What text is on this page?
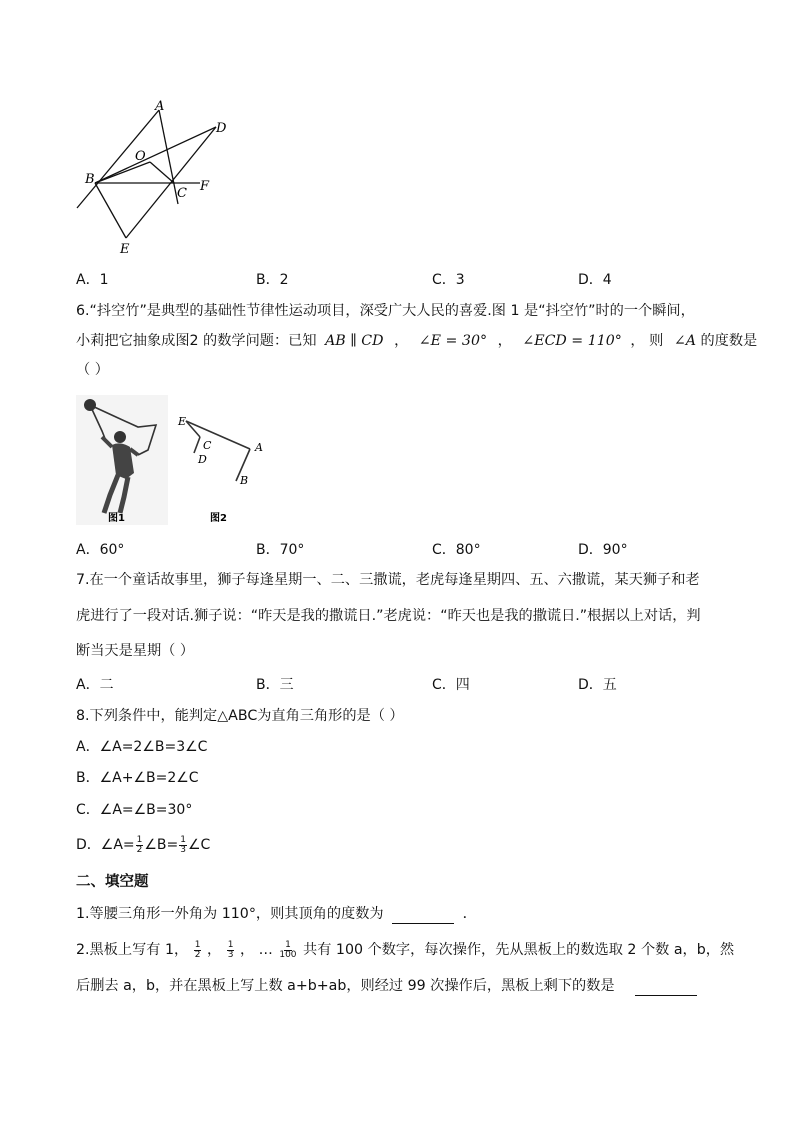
A
D
O
B
C F
E
A．1	B．2	C．3	D．4
6.“抖空竹”是典型的基础性节律性运动项目，深受广大人民的喜爱.图 1 是“抖空竹”时的一个瞬间，
小莉把它抽象成图2 的数学问题：已知 AB ∥ CD ， ∠E = 30° ， ∠ECD = 110° ， 则 ∠A 的度数是
（ ）
图1
E
C
D
A
B
图2
A．60°	B．70°	C．80°	D．90°
7.在一个童话故事里，狮子每逢星期一、二、三撒谎，老虎每逢星期四、五、六撒谎，某天狮子和老
虎进行了一段对话.狮子说：“昨天是我的撒谎日.”老虎说：“昨天也是我的撒谎日.”根据以上对话，判
断当天是星期（ ）
A．二	B．三	C．四	D．五
8.下列条件中，能判定△ABC为直角三角形的是（ ）
A．∠A=2∠B=3∠C
B．∠A+∠B=2∠C
C．∠A=∠B=30°
D．∠A= $\frac{1}{2}$ ∠B= $\frac{1}{3}$ ∠C
二、填空题
1.等腰三角形一外角为 110°，则其顶角的度数为	．
2.黑板上写有 1， $\frac{1}{2}$ ， $\frac{1}{3}$ ， … $\frac{1}{100}$ 共有 100 个数字，每次操作，先从黑板上的数选取 2 个数 a，b，然
后删去 a，b，并在黑板上写上数 a+b+ab，则经过 99 次操作后，黑板上剩下的数是
